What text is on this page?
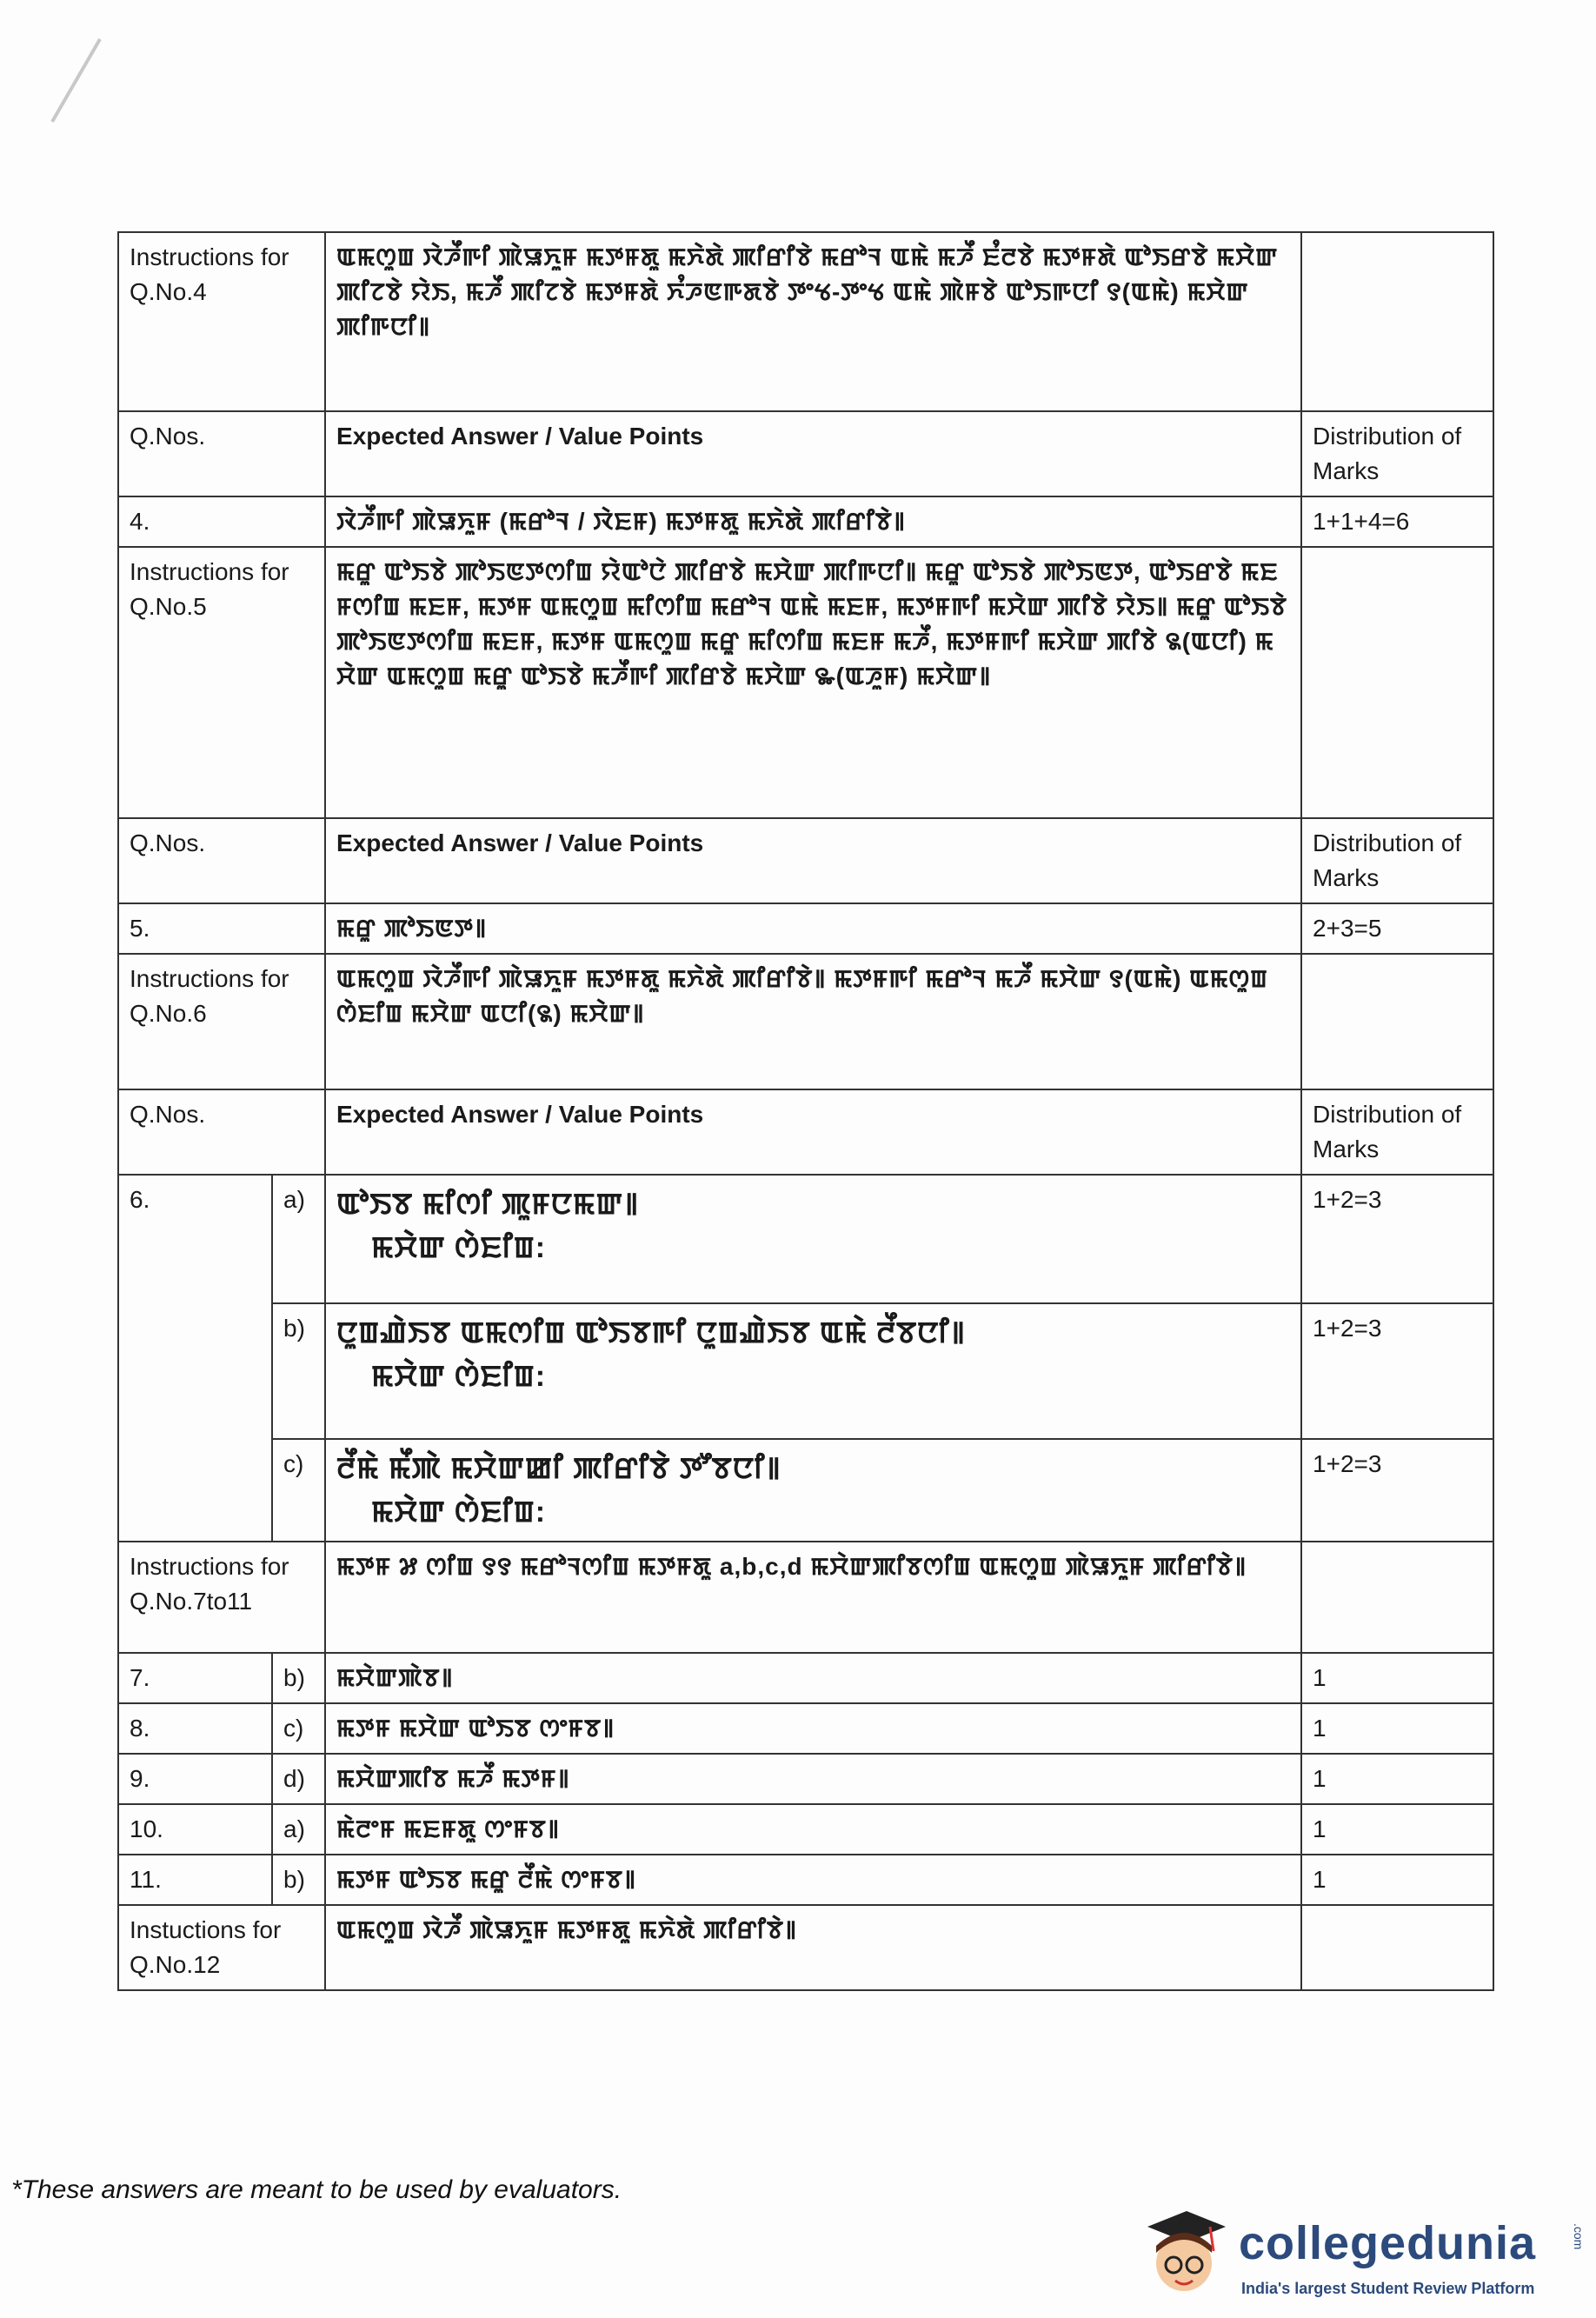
Instructions for Q.No.4		ꯑꯃꯁꯨꯡ ꯋꯥꯍꯩꯒꯤ ꯄꯥꯎꯈꯨꯝ ꯃꯇꯝꯗꯨ ꯃꯈꯥꯗꯥ ꯄꯤꯔꯤꯕꯥ ꯃꯔꯣꯜ ꯑꯃꯥ ꯃꯍꯩ ꯐꯪꯂꯕꯥ ꯃꯇꯝꯗꯥ ꯑꯣꯏꯔꯕꯥ ꯃꯆꯥꯛ ꯄꯤꯖꯕꯥ ꯌꯥꯏ, ꯃꯍꯩ ꯄꯤꯖꯕꯥ ꯃꯇꯝꯗꯥ ꯈꯪꯍꯟꯒꯗꯕꯥ ꯇꯦꯠ-ꯇꯦꯠ ꯑꯃꯥ ꯄꯥꯝꯕꯥ ꯑꯣꯏꯒꯅꯤ ꯱(ꯑꯃꯥ) ꯃꯆꯥꯛ ꯄꯤꯒꯅꯤ꯫	
Q.Nos.		Expected Answer / Value Points	Distribution of Marks
4.		ꯋꯥꯍꯩꯒꯤ ꯄꯥꯎꯈꯨꯝ (ꯃꯔꯣꯜ / ꯋꯥꯐꯝ) ꯃꯇꯝꯗꯨ ꯃꯈꯥꯗꯥ ꯄꯤꯔꯤꯕꯥ꯫	1+1+4=6
Instructions for Q.No.5		ꯃꯔꯨ ꯑꯣꯏꯕꯥ ꯄꯣꯏꯟꯇꯁꯤꯡ ꯌꯥꯑꯣꯅꯥ ꯄꯤꯔꯕꯥ ꯃꯆꯥꯛ ꯄꯤꯒꯅꯤ꯫ ꯃꯔꯨ ꯑꯣꯏꯕꯥ ꯄꯣꯏꯟꯇ, ꯑꯣꯏꯔꯕꯥ ꯃꯐꯝꯁꯤꯡ ꯃꯐꯝ, ꯃꯇꯝ ꯑꯃꯁꯨꯡ ꯃꯤꯁꯤꯡ ꯃꯔꯣꯜ ꯑꯃꯥ ꯃꯐꯝ, ꯃꯇꯝꯒꯤ ꯃꯆꯥꯛ ꯄꯤꯕꯥ ꯌꯥꯏ꯫ ꯃꯔꯨ ꯑꯣꯏꯕꯥ ꯄꯣꯏꯟꯇꯁꯤꯡ ꯃꯐꯝ, ꯃꯇꯝ ꯑꯃꯁꯨꯡ ꯃꯔꯨ ꯃꯤꯁꯤꯡ ꯃꯐꯝ ꯃꯍꯩ, ꯃꯇꯝꯒꯤ ꯃꯆꯥꯛ ꯄꯤꯕꯥ ꯲(ꯑꯅꯤ) ꯃꯆꯥꯛ ꯑꯃꯁꯨꯡ ꯃꯔꯨ ꯑꯣꯏꯕꯥ ꯃꯍꯩꯒꯤ ꯄꯤꯔꯕꯥ ꯃꯆꯥꯛ ꯳(ꯑꯍꯨꯝ) ꯃꯆꯥꯛ꯫	
Q.Nos.		Expected Answer / Value Points	Distribution of Marks
5.		ꯃꯔꯨ ꯄꯣꯏꯟꯇ꯫	2+3=5
Instructions for Q.No.6		ꯑꯃꯁꯨꯡ ꯋꯥꯍꯩꯒꯤ ꯄꯥꯎꯈꯨꯝ ꯃꯇꯝꯗꯨ ꯃꯈꯥꯗꯥ ꯄꯤꯔꯤꯕꯥ꯫ ꯃꯇꯝꯒꯤ ꯃꯔꯣꯜ ꯃꯍꯩ ꯃꯆꯥꯛ ꯱(ꯑꯃꯥ) ꯑꯃꯁꯨꯡ ꯁꯥꯐꯤꯡ ꯃꯆꯥꯛ ꯑꯅꯤ(꯲) ꯃꯆꯥꯛ꯫	
Q.Nos.		Expected Answer / Value Points	Distribution of Marks
6.	a)	ꯑꯣꯏꯕ ꯃꯤꯁꯤ ꯄꯨꯝꯅꯃꯛ꯫
ꯃꯆꯥꯛ ꯁꯥꯐꯤꯡ:	1+2=3
	b)	ꯅꯨꯡꯉꯥꯏꯕ ꯑꯃꯁꯤꯡ ꯑꯣꯏꯕꯒꯤ ꯅꯨꯡꯉꯥꯏꯕ ꯑꯃꯥ ꯂꯩꯕꯅꯤ꯫
ꯃꯆꯥꯛ ꯁꯥꯐꯤꯡ:	1+2=3
	c)	ꯂꯩꯃꯥ ꯃꯩꯄꯥ ꯃꯆꯥꯛꯀꯤ ꯄꯤꯔꯤꯕꯥ ꯇꯧꯕꯅꯤ꯫
ꯃꯆꯥꯛ ꯁꯥꯐꯤꯡ:	1+2=3
Instructions for Q.No.7to11		ꯃꯇꯝ ꯷ ꯁꯤꯡ ꯱꯱ ꯃꯔꯣꯜꯁꯤꯡ ꯃꯇꯝꯗꯨ a,b,c,d ꯃꯆꯥꯛꯄꯤꯕꯁꯤꯡ ꯑꯃꯁꯨꯡ ꯄꯥꯎꯈꯨꯝ ꯄꯤꯔꯤꯕꯥ꯫	
7.	b)	ꯃꯆꯥꯛꯄꯥꯕ꯫	1
8.	c)	ꯃꯇꯝ ꯃꯆꯥꯛ ꯑꯣꯏꯕ ꯁꯦꯝꯕ꯫	1
9.	d)	ꯃꯆꯥꯛꯄꯤꯕ ꯃꯍꯩ ꯃꯇꯝ꯫	1
10.	a)	ꯃꯥꯂꯦꯝ ꯃꯐꯝꯗꯨ ꯁꯦꯝꯕ꯫	1
11.	b)	ꯃꯇꯝ ꯑꯣꯏꯕ ꯃꯔꯨ ꯂꯩꯃꯥ ꯁꯦꯝꯕ꯫	1
Instuctions for Q.No.12		ꯑꯃꯁꯨꯡ ꯋꯥꯍꯩ ꯄꯥꯎꯈꯨꯝ ꯃꯇꯝꯗꯨ ꯃꯈꯥꯗꯥ ꯄꯤꯔꯤꯕꯥ꯫	
*These answers are meant to be used by evaluators.
collegedunia	.com
India's largest Student Review Platform
